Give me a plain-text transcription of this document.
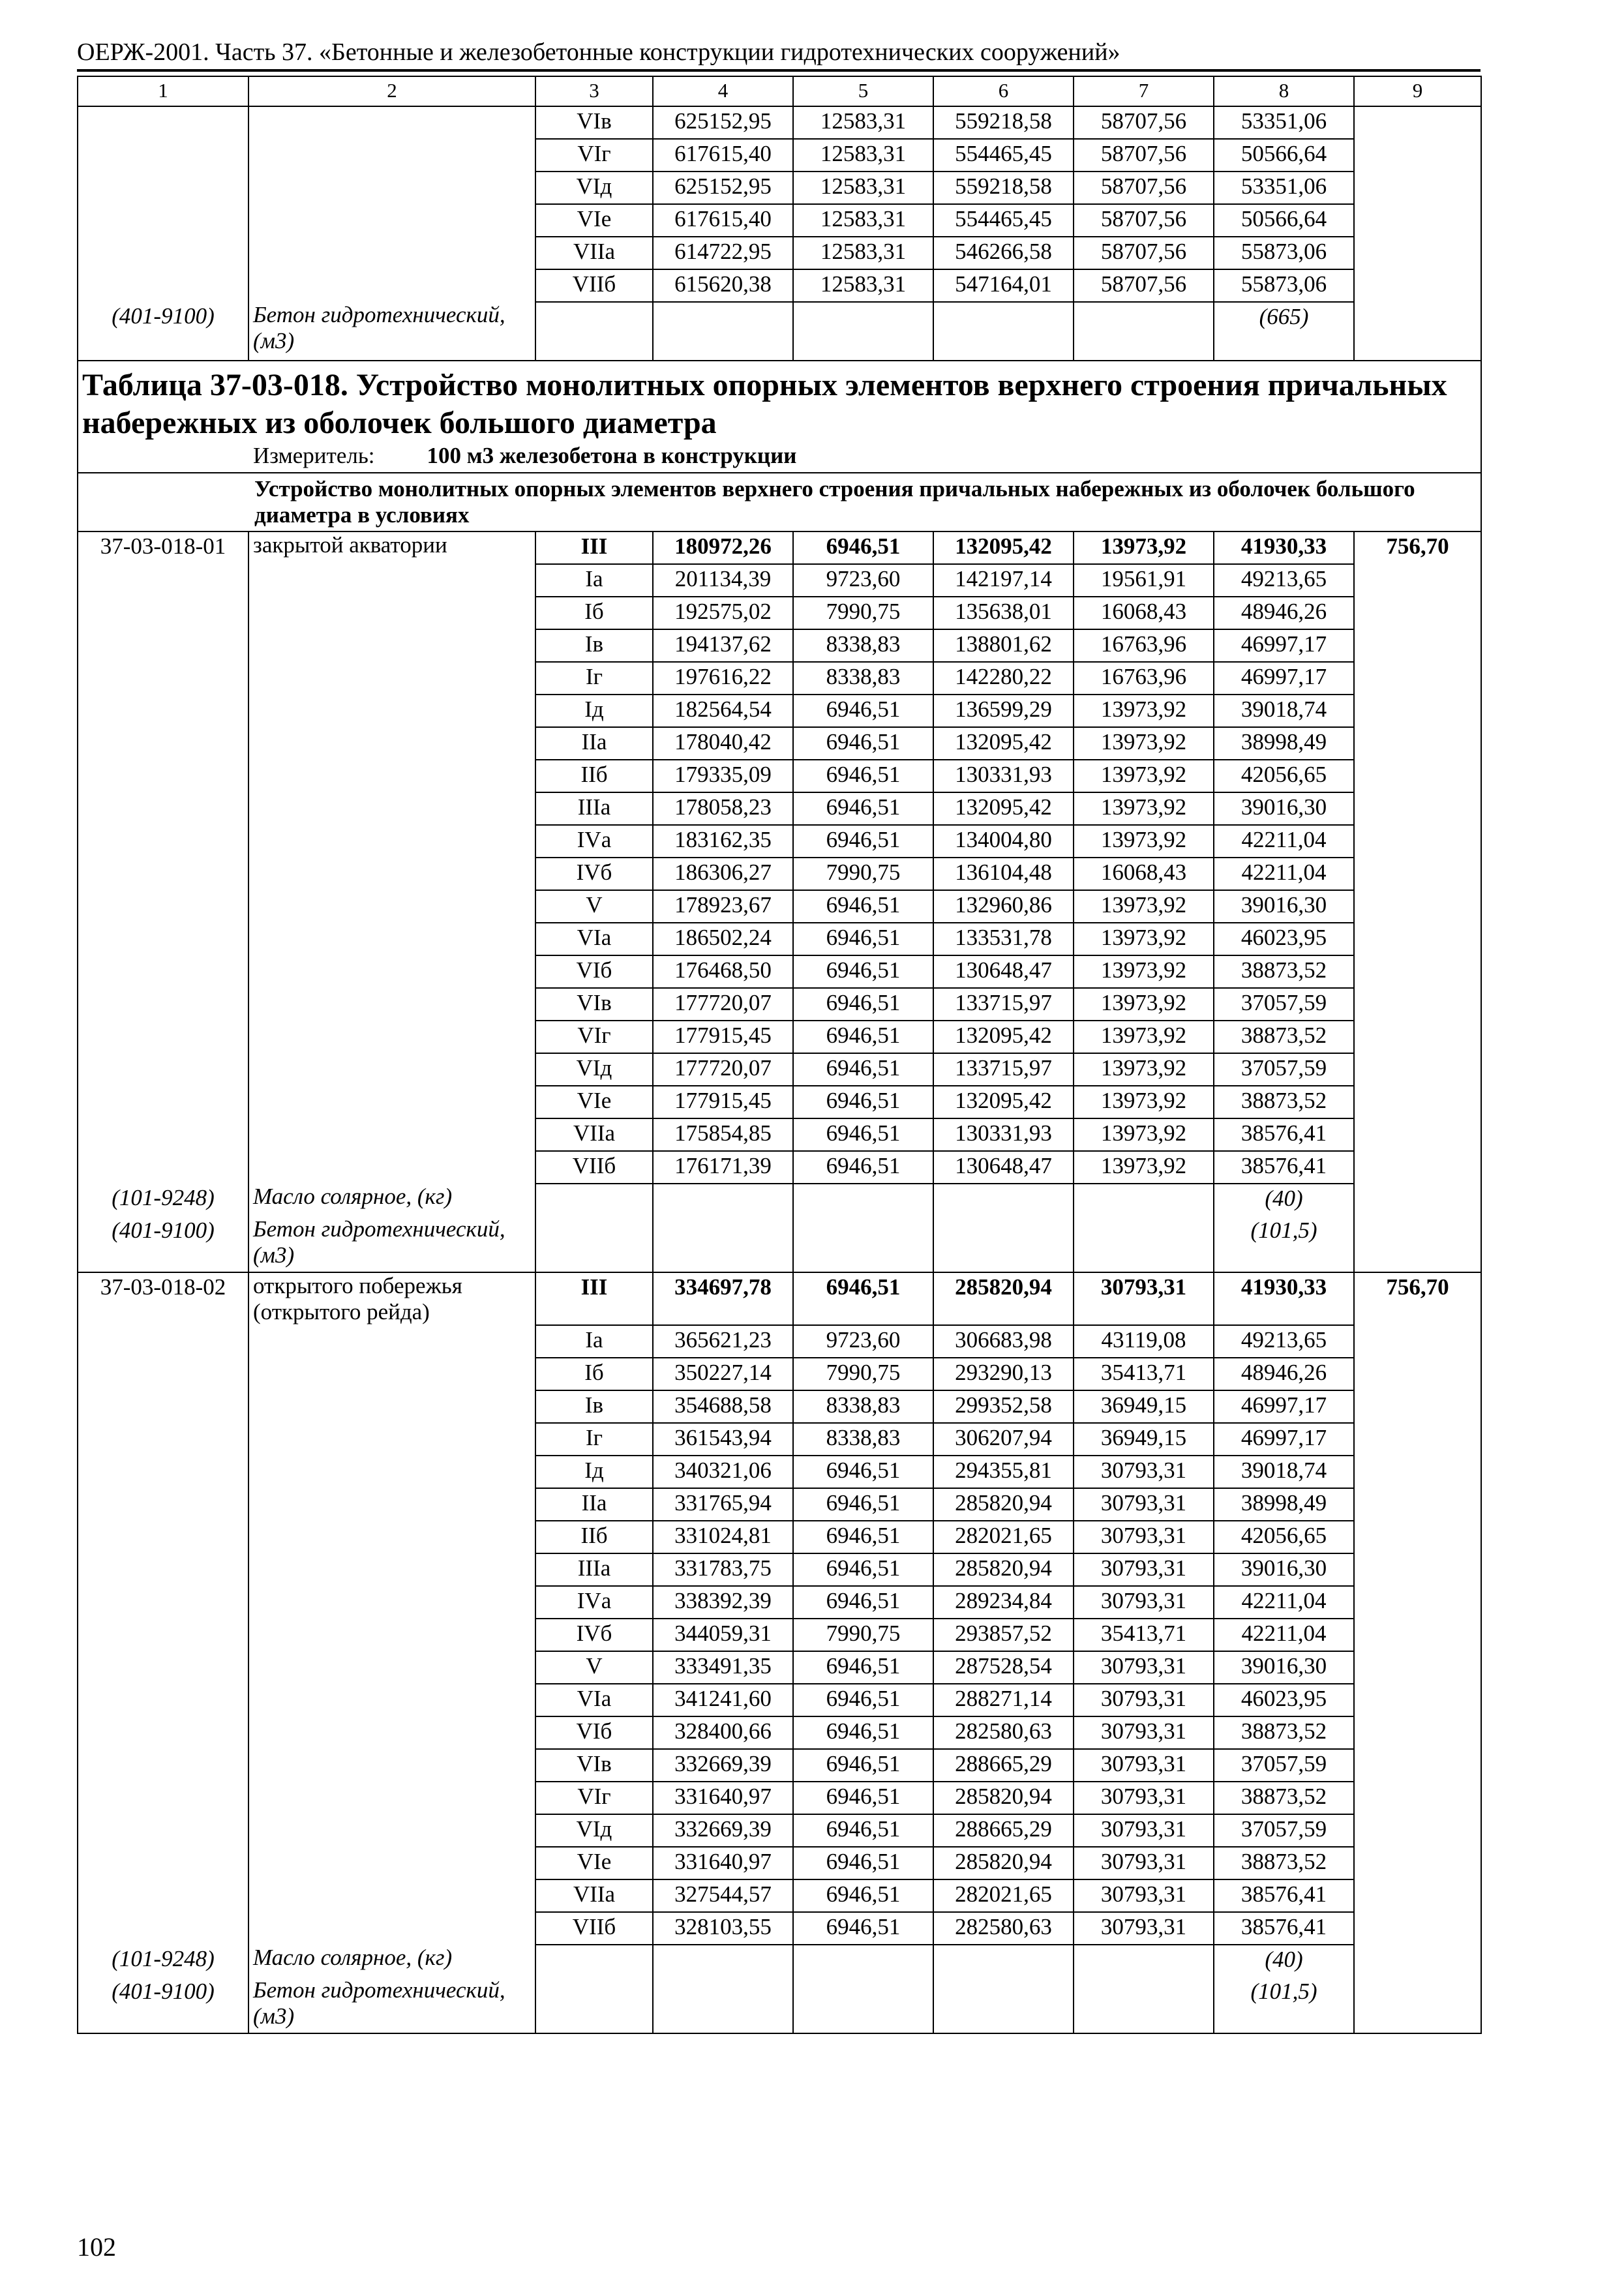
ОЕРЖ-2001. Часть 37. «Бетонные и железобетонные конструкции гидротехнических сооружений»
1	2	3	4	5	6	7	8	9
		VIв	625152,95	12583,31	559218,58	58707,56	53351,06	
		VIг	617615,40	12583,31	554465,45	58707,56	50566,64	
		VIд	625152,95	12583,31	559218,58	58707,56	53351,06	
		VIе	617615,40	12583,31	554465,45	58707,56	50566,64	
		VIIа	614722,95	12583,31	546266,58	58707,56	55873,06	
		VIIб	615620,38	12583,31	547164,01	58707,56	55873,06	
(401-9100)	Бетон гидротехнический, (м3)						(665)	

Таблица 37-03-018. Устройство монолитных опорных элементов верхнего строения причальных набережных из оболочек большого диаметра
Измеритель: 100 м3 железобетона в конструкции								

Устройство монолитных опорных элементов верхнего строения причальных набережных из оболочек большого диаметра в условиях								
37-03-018-01	закрытой акватории	III	180972,26	6946,51	132095,42	13973,92	41930,33	756,70
		Iа	201134,39	9723,60	142197,14	19561,91	49213,65	
		Iб	192575,02	7990,75	135638,01	16068,43	48946,26	
		Iв	194137,62	8338,83	138801,62	16763,96	46997,17	
		Iг	197616,22	8338,83	142280,22	16763,96	46997,17	
		Iд	182564,54	6946,51	136599,29	13973,92	39018,74	
		IIа	178040,42	6946,51	132095,42	13973,92	38998,49	
		IIб	179335,09	6946,51	130331,93	13973,92	42056,65	
		IIIа	178058,23	6946,51	132095,42	13973,92	39016,30	
		IVа	183162,35	6946,51	134004,80	13973,92	42211,04	
		IVб	186306,27	7990,75	136104,48	16068,43	42211,04	
		V	178923,67	6946,51	132960,86	13973,92	39016,30	
		VIа	186502,24	6946,51	133531,78	13973,92	46023,95	
		VIб	176468,50	6946,51	130648,47	13973,92	38873,52	
		VIв	177720,07	6946,51	133715,97	13973,92	37057,59	
		VIг	177915,45	6946,51	132095,42	13973,92	38873,52	
		VIд	177720,07	6946,51	133715,97	13973,92	37057,59	
		VIе	177915,45	6946,51	132095,42	13973,92	38873,52	
		VIIа	175854,85	6946,51	130331,93	13973,92	38576,41	
		VIIб	176171,39	6946,51	130648,47	13973,92	38576,41	
(101-9248)	Масло солярное, (кг)						(40)	
(401-9100)	Бетон гидротехнический, (м3)						(101,5)	
37-03-018-02	открытого побережья (открытого рейда)	III	334697,78	6946,51	285820,94	30793,31	41930,33	756,70
		Iа	365621,23	9723,60	306683,98	43119,08	49213,65	
		Iб	350227,14	7990,75	293290,13	35413,71	48946,26	
		Iв	354688,58	8338,83	299352,58	36949,15	46997,17	
		Iг	361543,94	8338,83	306207,94	36949,15	46997,17	
		Iд	340321,06	6946,51	294355,81	30793,31	39018,74	
		IIа	331765,94	6946,51	285820,94	30793,31	38998,49	
		IIб	331024,81	6946,51	282021,65	30793,31	42056,65	
		IIIа	331783,75	6946,51	285820,94	30793,31	39016,30	
		IVа	338392,39	6946,51	289234,84	30793,31	42211,04	
		IVб	344059,31	7990,75	293857,52	35413,71	42211,04	
		V	333491,35	6946,51	287528,54	30793,31	39016,30	
		VIа	341241,60	6946,51	288271,14	30793,31	46023,95	
		VIб	328400,66	6946,51	282580,63	30793,31	38873,52	
		VIв	332669,39	6946,51	288665,29	30793,31	37057,59	
		VIг	331640,97	6946,51	285820,94	30793,31	38873,52	
		VIд	332669,39	6946,51	288665,29	30793,31	37057,59	
		VIе	331640,97	6946,51	285820,94	30793,31	38873,52	
		VIIа	327544,57	6946,51	282021,65	30793,31	38576,41	
		VIIб	328103,55	6946,51	282580,63	30793,31	38576,41	
(101-9248)	Масло солярное, (кг)						(40)	
(401-9100)	Бетон гидротехнический, (м3)						(101,5)	
102
